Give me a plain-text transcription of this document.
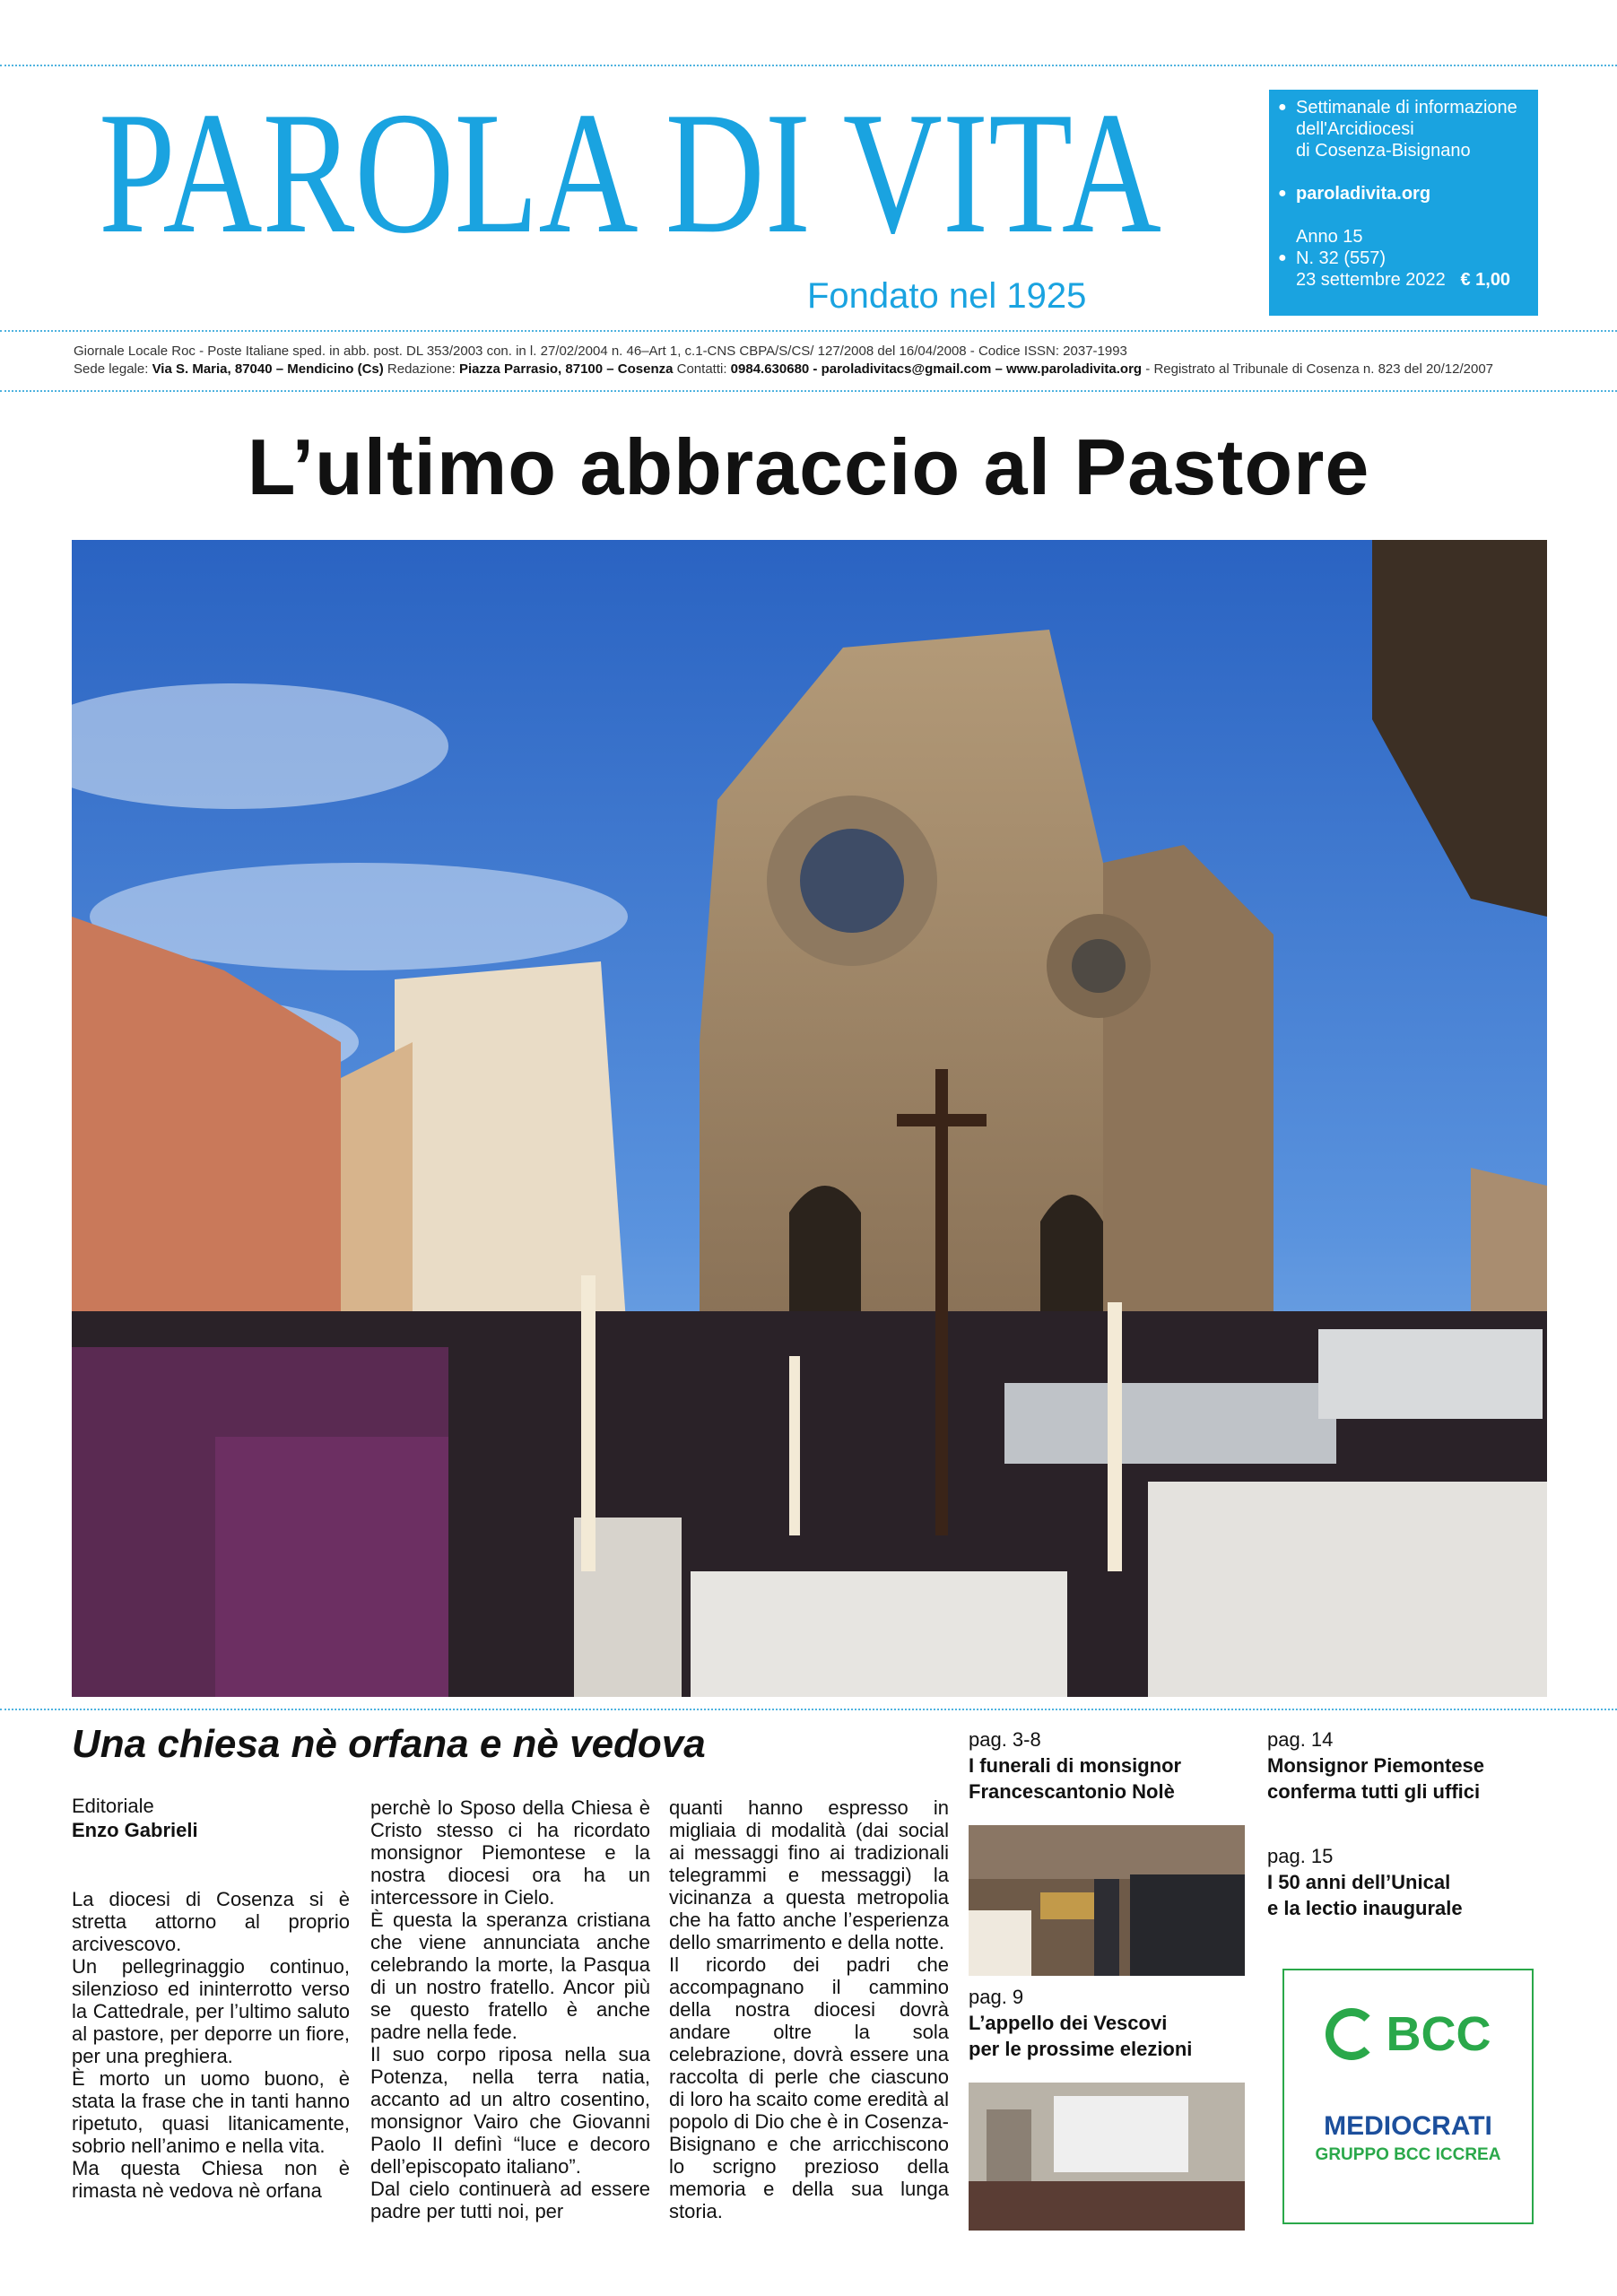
PAROLA DI VITA
Fondato nel 1925
● Settimanale di informazione
dell'Arcidiocesi
di Cosenza-Bisignano
● paroladivita.org
●
Anno 15
N. 32 (557)
23 settembre 2022 € 1,00
Giornale Locale Roc - Poste Italiane sped. in abb. post. DL 353/2003 con. in l. 27/02/2004 n. 46–Art 1, c.1-CNS CBPA/S/CS/ 127/2008 del 16/04/2008 - Codice ISSN: 2037-1993
Sede legale: Via S. Maria, 87040 – Mendicino (Cs) Redazione: Piazza Parrasio, 87100 – Cosenza Contatti: 0984.630680 - paroladivitacs@gmail.com – www.paroladivita.org - Registrato al Tribunale di Cosenza n. 823 del 20/12/2007
L’ultimo abbraccio al Pastore
Una chiesa nè orfana e nè vedova
Editoriale
Enzo Gabrieli

La diocesi di Cosenza si è stretta attorno al proprio arcivescovo.

Un pellegrinaggio continuo, silenzioso ed ininterrotto verso la Cattedrale, per l’ultimo saluto al pastore, per deporre un fiore, per una preghiera.

È morto un uomo buono, è stata la frase che in tanti hanno ripetuto, quasi litanicamente, sobrio nell’animo e nella vita.

Ma questa Chiesa non è rimasta nè vedova nè orfana

perchè lo Sposo della Chiesa è Cristo stesso ci ha ricordato monsignor Piemontese e la nostra diocesi ora ha un intercessore in Cielo.

È questa la speranza cristiana che viene annunciata anche celebrando la morte, la Pasqua di un nostro fratello. Ancor più se questo fratello è anche padre nella fede.

Il suo corpo riposa nella sua Potenza, nella terra natia, accanto ad un altro cosentino, monsignor Vairo che Giovanni Paolo II definì “luce e decoro dell’episcopato italiano”.

Dal cielo continuerà ad essere padre per tutti noi, per

quanti hanno espresso in migliaia di modalità (dai social ai messaggi fino ai tradizionali telegrammi e messaggi) la vicinanza a questa metropolia che ha fatto anche l’esperienza dello smarrimento e della notte.

Il ricordo dei padri che accompagnano il cammino della nostra diocesi dovrà andare oltre la sola celebrazione, dovrà essere una raccolta di perle che ciascuno di loro ha scaito come eredità al popolo di Dio che è in Cosenza-Bisignano e che arricchiscono lo scrigno prezioso della memoria e della sua lunga storia.

pag. 3-8
I funerali di monsignor
Francescantonio Nolè
pag. 9
L’appello dei Vescovi
per le prossime elezioni
pag. 14
Monsignor Piemontese
conferma tutti gli uffici
pag. 15
I 50 anni dell’Unical
e la lectio inaugurale
BCC
MEDIOCRATI
GRUPPO BCC ICCREA
